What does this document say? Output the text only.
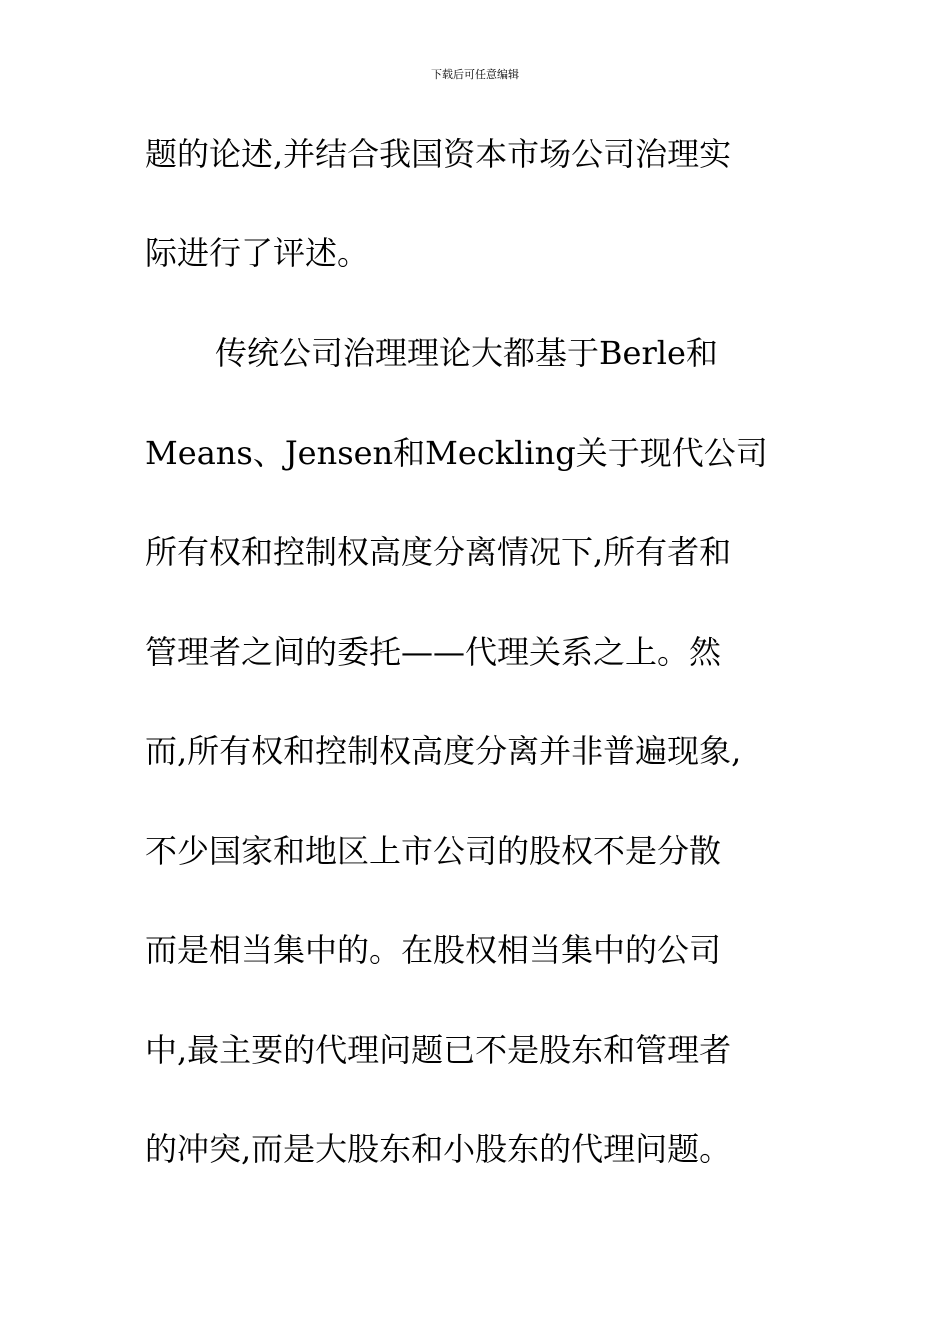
下载后可任意编辑
题的论述,并结合我国资本市场公司治理实
际进行了评述。
传统公司治理理论大都基于Berle和
Means、Jensen和Meckling关于现代公司
所有权和控制权高度分离情况下,所有者和
管理者之间的委托——代理关系之上。然
而,所有权和控制权高度分离并非普遍现象,
不少国家和地区上市公司的股权不是分散
而是相当集中的。在股权相当集中的公司
中,最主要的代理问题已不是股东和管理者
的冲突,而是大股东和小股东的代理问题。
